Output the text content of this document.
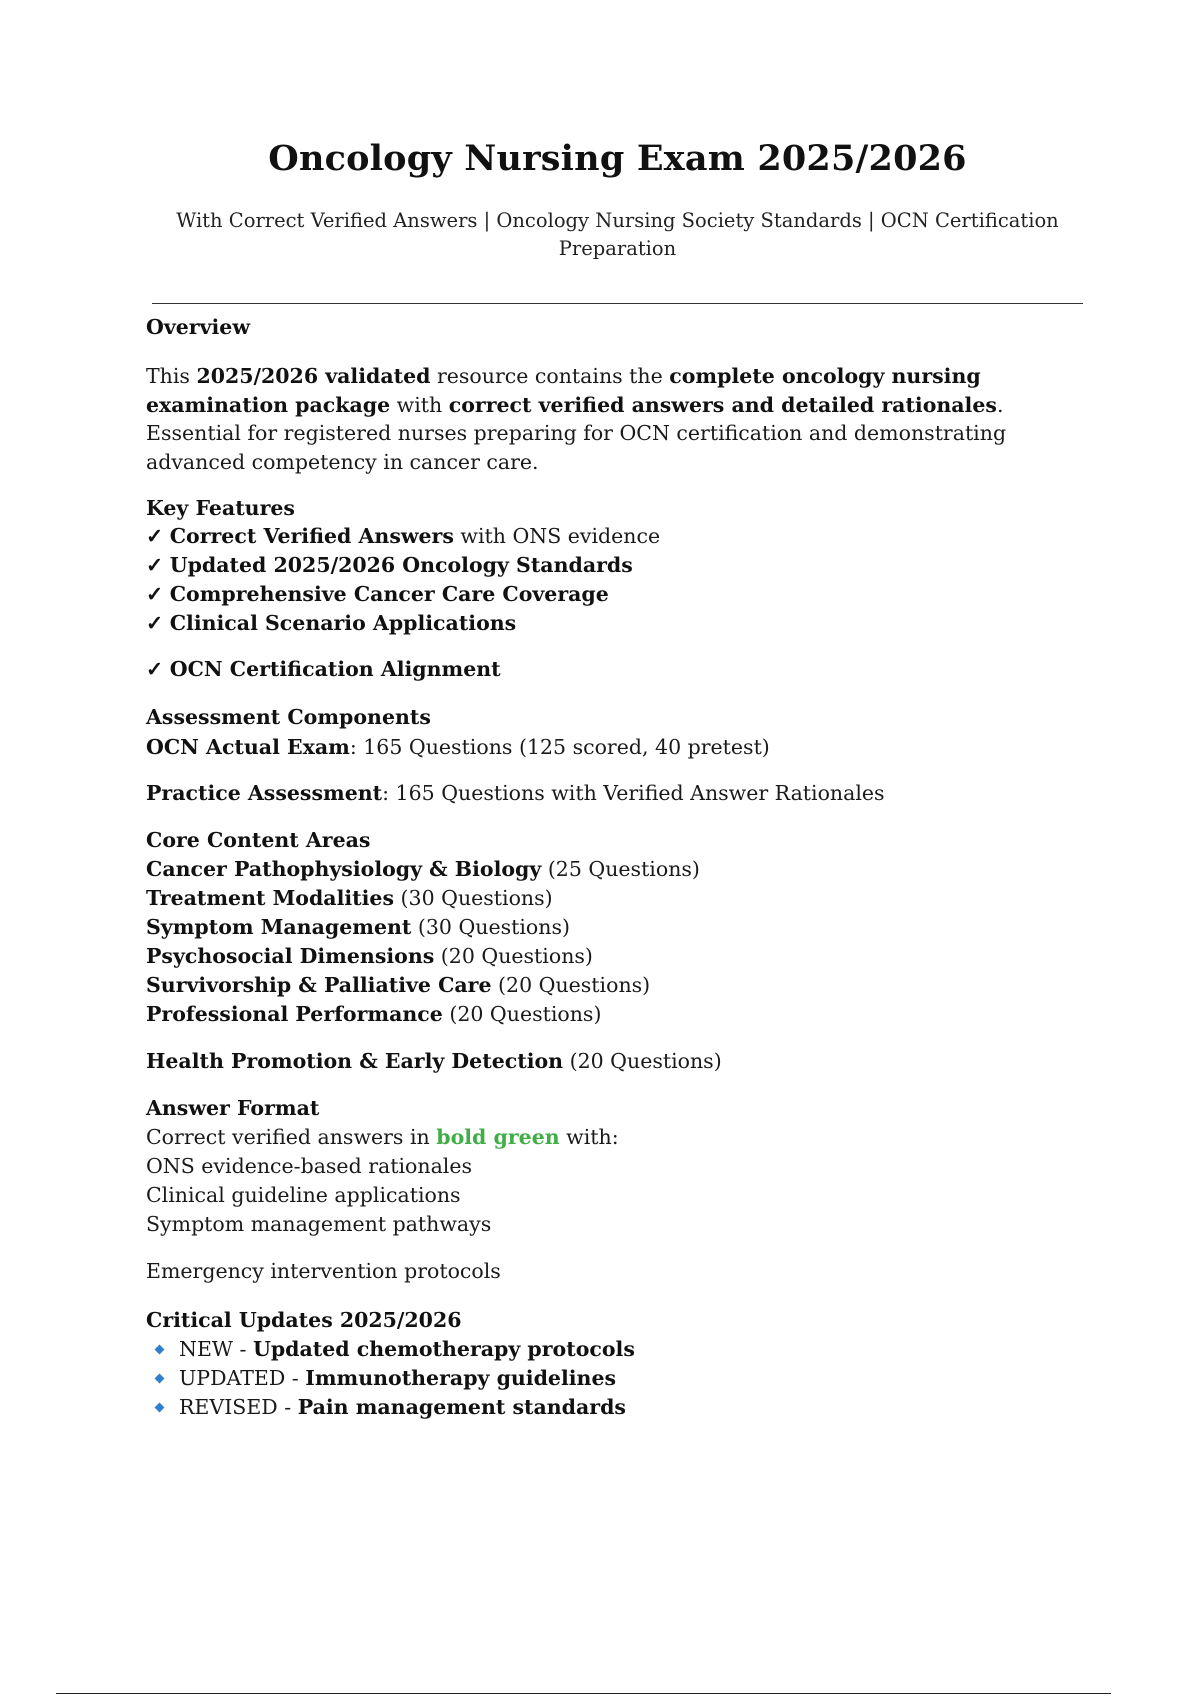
Oncology Nursing Exam 2025/2026
With Correct Verified Answers | Oncology Nursing Society Standards | OCN Certification Preparation
Overview
This 2025/2026 validated resource contains the complete oncology nursing examination package with correct verified answers and detailed rationales. Essential for registered nurses preparing for OCN certification and demonstrating advanced competency in cancer care.
Key Features
✓ Correct Verified Answers with ONS evidence
✓ Updated 2025/2026 Oncology Standards
✓ Comprehensive Cancer Care Coverage
✓ Clinical Scenario Applications
✓ OCN Certification Alignment
Assessment Components
OCN Actual Exam: 165 Questions (125 scored, 40 pretest)
Practice Assessment: 165 Questions with Verified Answer Rationales
Core Content Areas
Cancer Pathophysiology & Biology (25 Questions)
Treatment Modalities (30 Questions)
Symptom Management (30 Questions)
Psychosocial Dimensions (20 Questions)
Survivorship & Palliative Care (20 Questions)
Professional Performance (20 Questions)
Health Promotion & Early Detection (20 Questions)
Answer Format
Correct verified answers in bold green with:
ONS evidence-based rationales
Clinical guideline applications
Symptom management pathways
Emergency intervention protocols
Critical Updates 2025/2026
NEW - Updated chemotherapy protocols
UPDATED - Immunotherapy guidelines
REVISED - Pain management standards
